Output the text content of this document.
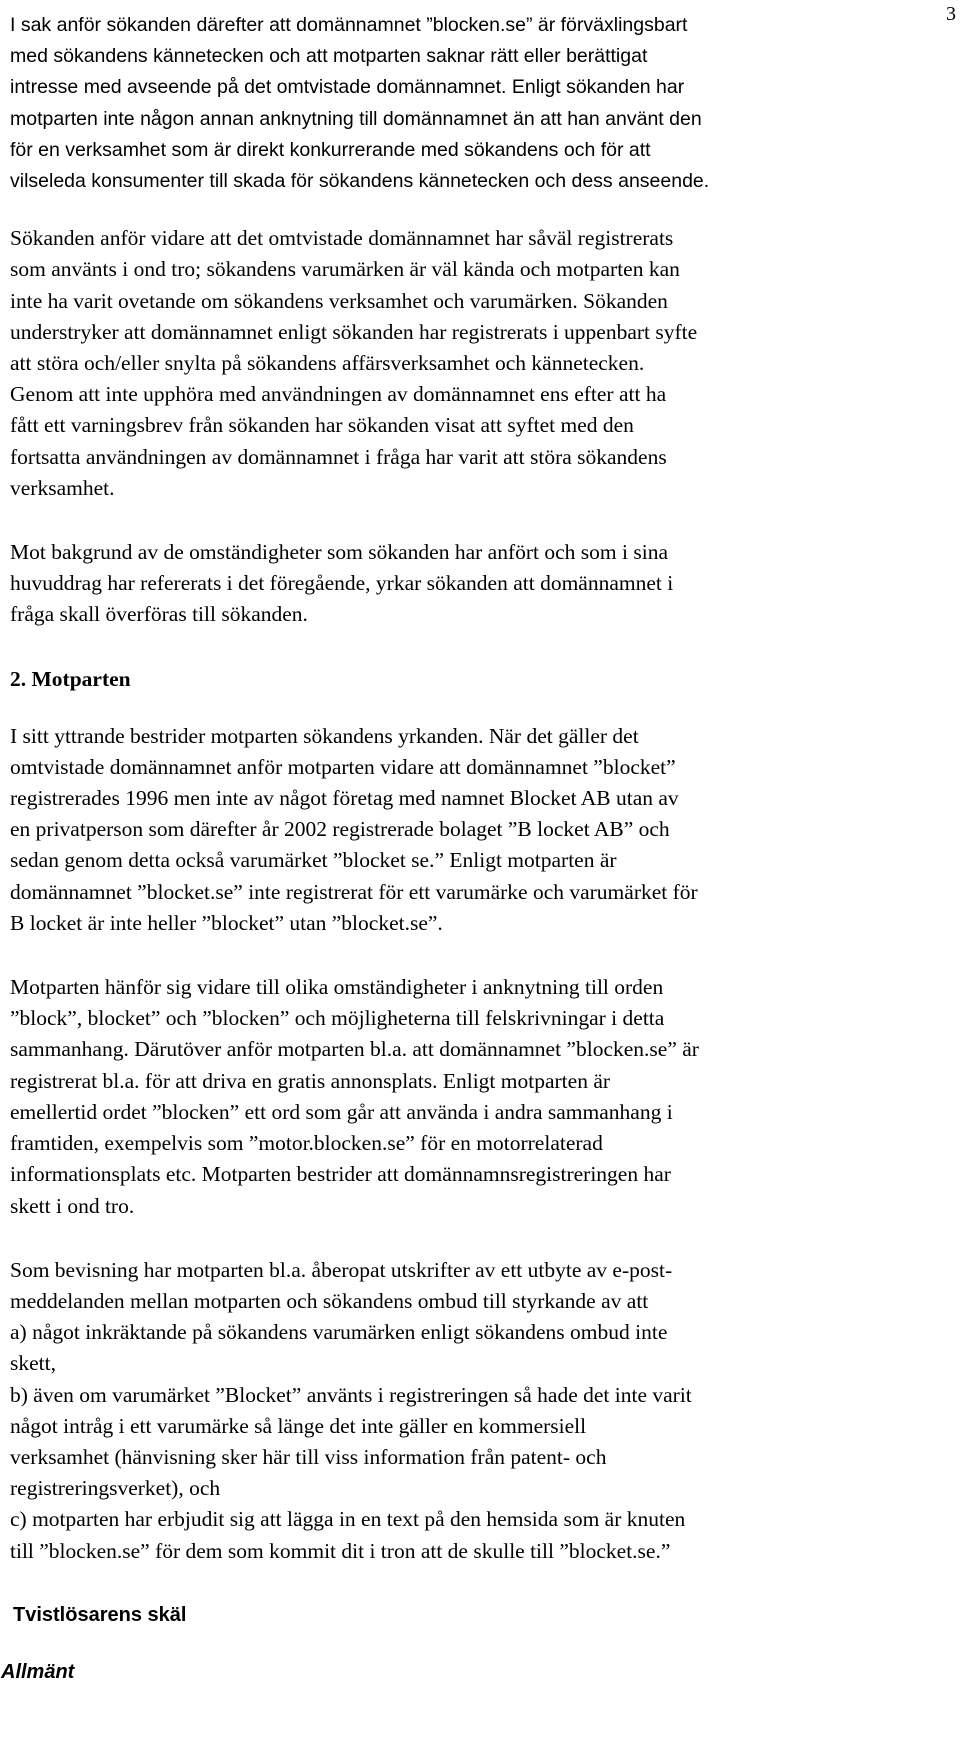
3
I sak anför sökanden därefter att domännamnet ”blocken.se” är förväxlingsbart
med sökandens kännetecken och att motparten saknar rätt eller berättigat
intresse med avseende på det omtvistade domännamnet. Enligt sökanden har
motparten inte någon annan anknytning till domännamnet än att han använt den
för en verksamhet som är direkt konkurrerande med sökandens och för att
vilseleda konsumenter till skada för sökandens kännetecken och dess anseende.
Sökanden anför vidare att det omtvistade domännamnet har såväl registrerats
som använts i ond tro; sökandens varumärken är väl kända och motparten kan
inte ha varit ovetande om sökandens verksamhet och varumärken. Sökanden
understryker att domännamnet enligt sökanden har registrerats i uppenbart syfte
att störa och/eller snylta på sökandens affärsverksamhet och kännetecken.
Genom att inte upphöra med användningen av domännamnet ens efter att ha
fått ett varningsbrev från sökanden har sökanden visat att syftet med den
fortsatta användningen av domännamnet i fråga har varit att störa sökandens
verksamhet.
Mot bakgrund av de omständigheter som sökanden har anfört och som i sina
huvuddrag har refererats i det föregående, yrkar sökanden att domännamnet i
fråga skall överföras till sökanden.
2. Motparten
I sitt yttrande bestrider motparten sökandens yrkanden. När det gäller det
omtvistade domännamnet anför motparten vidare att domännamnet ”blocket”
registrerades 1996 men inte av något företag med namnet Blocket AB utan av
en privatperson som därefter år 2002 registrerade bolaget ”B locket AB” och
sedan genom detta också varumärket ”blocket se.” Enligt motparten är
domännamnet ”blocket.se” inte registrerat för ett varumärke och varumärket för
B locket är inte heller ”blocket” utan ”blocket.se”.
Motparten hänför sig vidare till olika omständigheter i anknytning till orden
”block”, blocket” och ”blocken” och möjligheterna till felskrivningar i detta
sammanhang. Därutöver anför motparten bl.a. att domännamnet ”blocken.se” är
registrerat bl.a. för att driva en gratis annonsplats. Enligt motparten är
emellertid ordet ”blocken” ett ord som går att använda i andra sammanhang i
framtiden, exempelvis som ”motor.blocken.se” för en motorrelaterad
informationsplats etc. Motparten bestrider att domännamnsregistreringen har
skett i ond tro.
Som bevisning har motparten bl.a. åberopat utskrifter av ett utbyte av e-post-
meddelanden mellan motparten och sökandens ombud till styrkande av att
a) något inkräktande på sökandens varumärken enligt sökandens ombud inte
skett,
b) även om varumärket ”Blocket” använts i registreringen så hade det inte varit
något intråg i ett varumärke så länge det inte gäller en kommersiell
verksamhet (hänvisning sker här till viss information från patent- och
registreringsverket), och
c) motparten har erbjudit sig att lägga in en text på den hemsida som är knuten
till ”blocken.se” för dem som kommit dit i tron att de skulle till ”blocket.se.”
Tvistlösarens skäl
Allmänt
